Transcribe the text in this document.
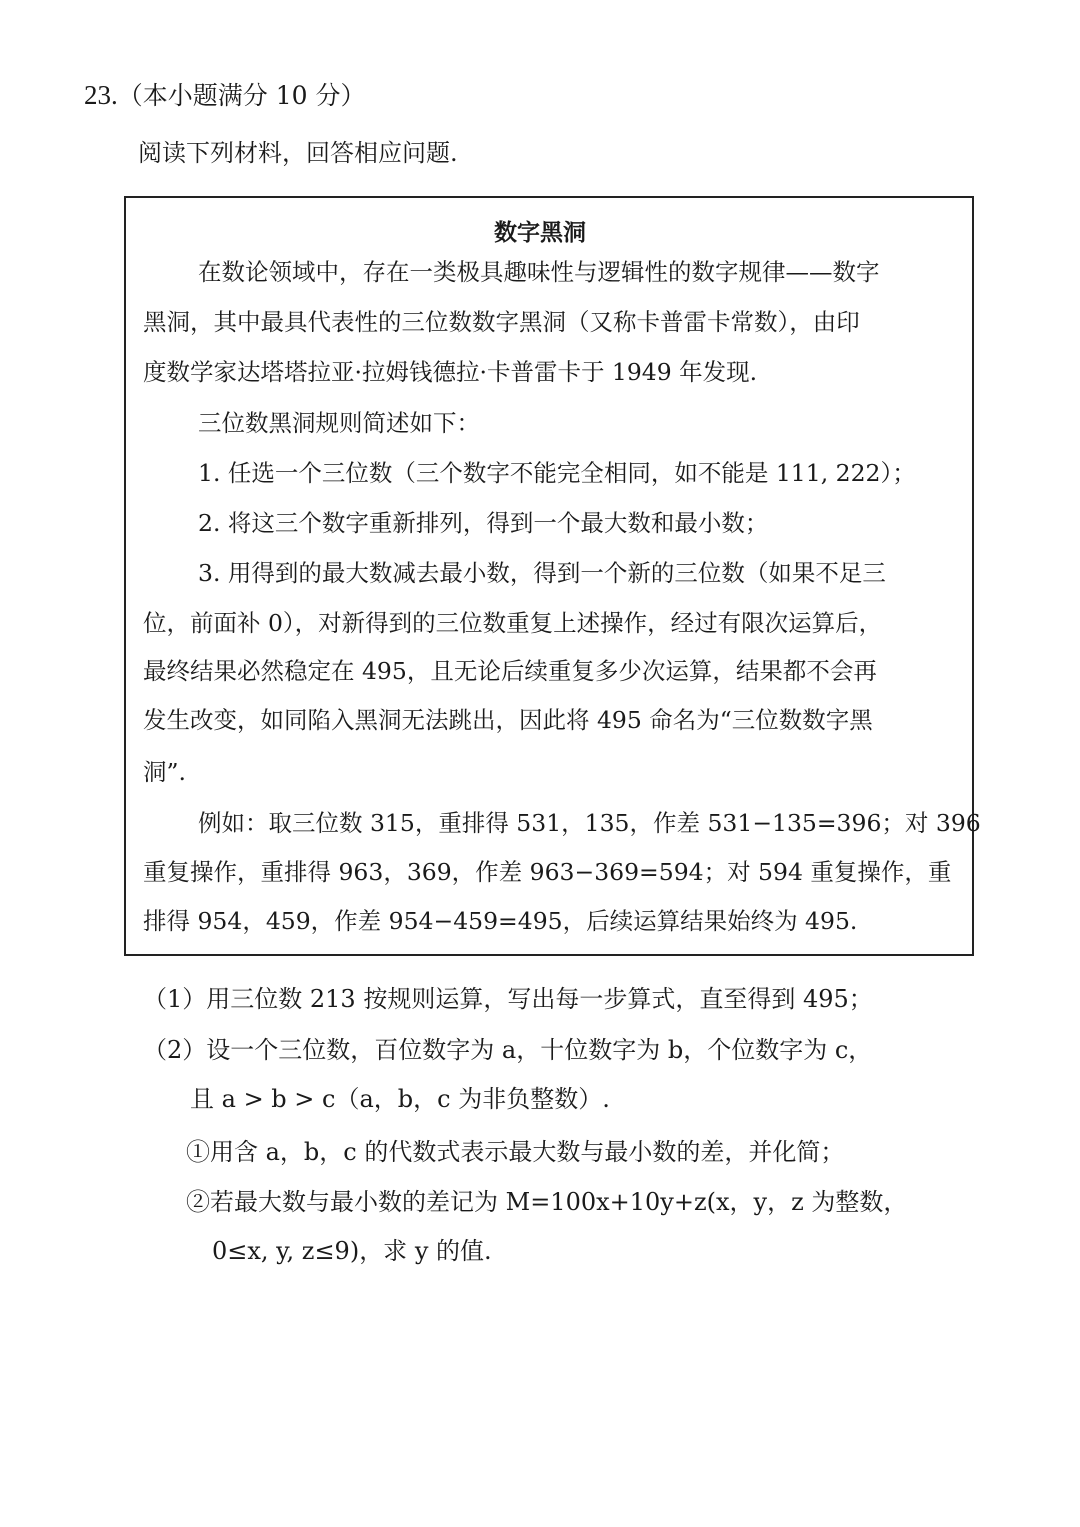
23.（本小题满分 10 分）
阅读下列材料，回答相应问题.
数字黑洞
在数论领域中，存在一类极具趣味性与逻辑性的数字规律——数字
黑洞，其中最具代表性的三位数数字黑洞（又称卡普雷卡常数），由印
度数学家达塔塔拉亚·拉姆钱德拉·卡普雷卡于 1949 年发现.
三位数黑洞规则简述如下：
1. 任选一个三位数（三个数字不能完全相同，如不能是 111, 222）；
2. 将这三个数字重新排列，得到一个最大数和最小数；
3. 用得到的最大数减去最小数，得到一个新的三位数（如果不足三
位，前面补 0），对新得到的三位数重复上述操作，经过有限次运算后，
最终结果必然稳定在 495，且无论后续重复多少次运算，结果都不会再
发生改变，如同陷入黑洞无法跳出，因此将 495 命名为“三位数数字黑
洞”.
例如：取三位数 315，重排得 531，135，作差 531−135=396；对 396
重复操作，重排得 963，369，作差 963−369=594；对 594 重复操作，重
排得 954，459，作差 954−459=495，后续运算结果始终为 495.
（1）用三位数 213 按规则运算，写出每一步算式，直至得到 495；
（2）设一个三位数，百位数字为 a，十位数字为 b，个位数字为 c，
且 a > b > c（a，b，c 为非负整数）.
①用含 a，b，c 的代数式表示最大数与最小数的差，并化简；
②若最大数与最小数的差记为 M=100x+10y+z(x，y，z 为整数，
0≤x, y, z≤9)，求 y 的值.
